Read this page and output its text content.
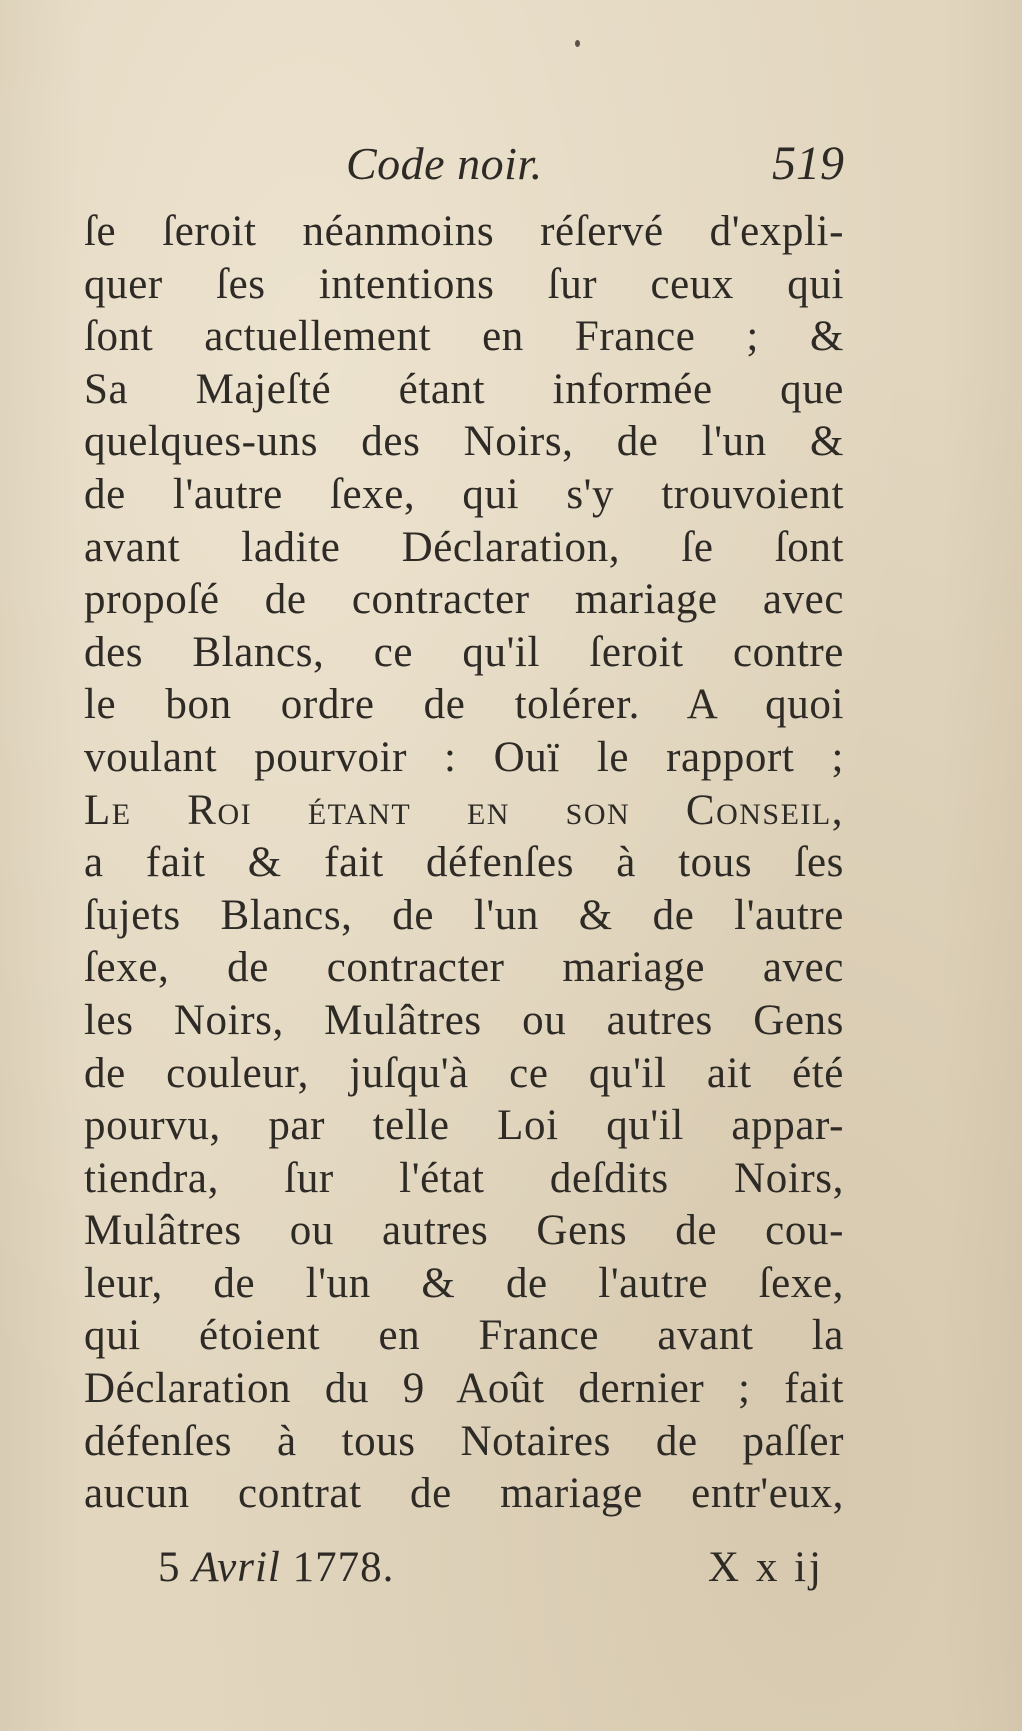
Code noir.	519
ſe ſeroit néanmoins réſervé d'expli-
quer ſes intentions ſur ceux qui
ſont actuellement en France ; &
Sa Majeſté étant informée que
quelques-uns des Noirs, de l'un &
de l'autre ſexe, qui s'y trouvoient
avant ladite Déclaration, ſe ſont
propoſé de contracter mariage avec
des Blancs, ce qu'il ſeroit contre
le bon ordre de tolérer. A quoi
voulant pourvoir : Ouï le rapport ;
Le Roi étant en son Conseil,
a fait & fait défenſes à tous ſes
ſujets Blancs, de l'un & de l'autre
ſexe, de contracter mariage avec
les Noirs, Mulâtres ou autres Gens
de couleur, juſqu'à ce qu'il ait été
pourvu, par telle Loi qu'il appar-
tiendra, ſur l'état deſdits Noirs,
Mulâtres ou autres Gens de cou-
leur, de l'un & de l'autre ſexe,
qui étoient en France avant la
Déclaration du 9 Août dernier ; fait
défenſes à tous Notaires de paſſer
aucun contrat de mariage entr'eux,
5 Avril 1778.	X x ij
